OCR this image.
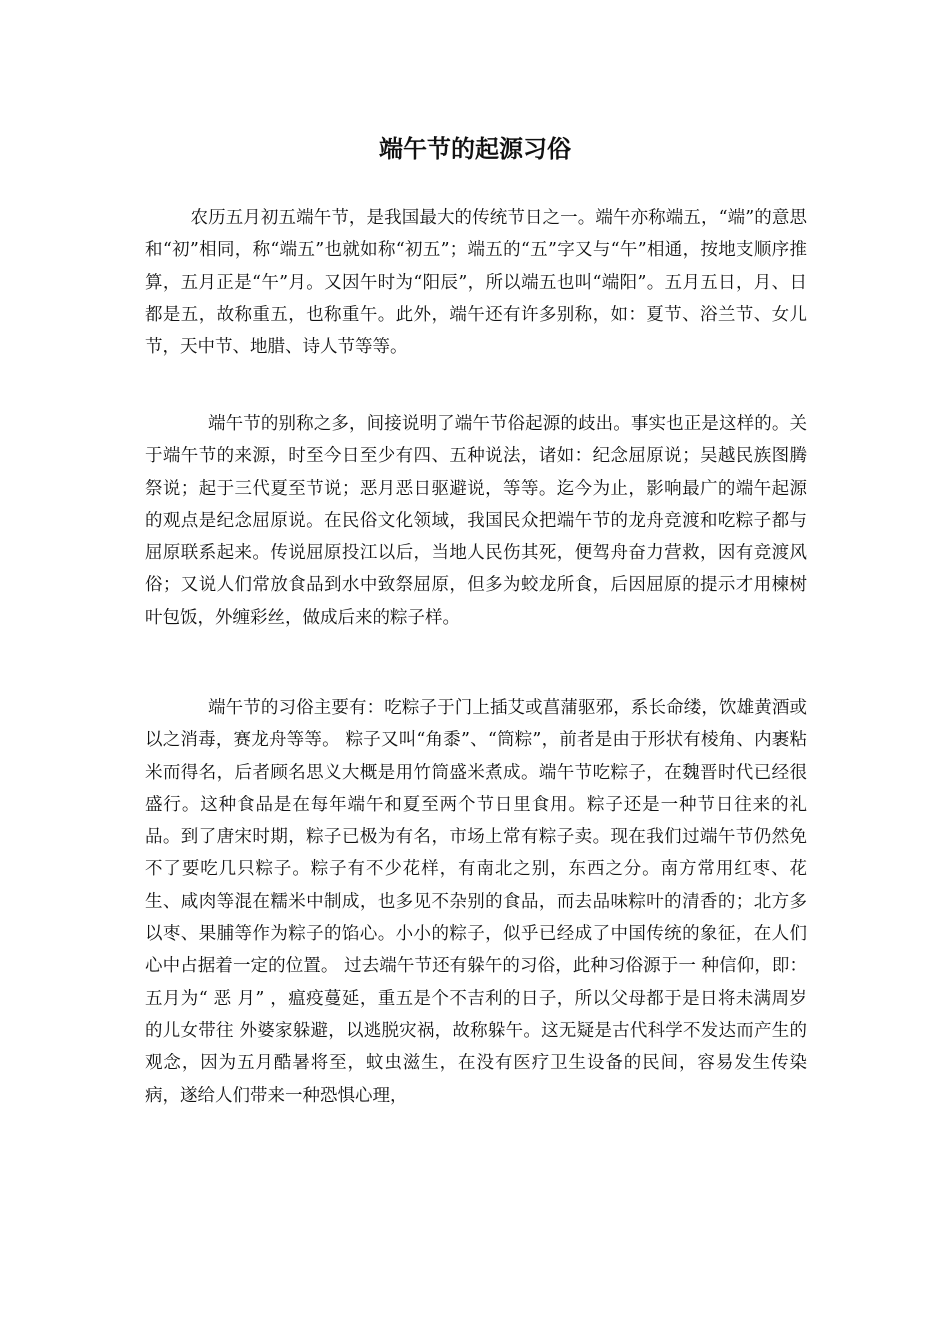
端午节的起源习俗

农历五月初五端午节，是我国最大的传统节日之一。端午亦称端五，“端”的意思和“初”相同，称“端五”也就如称“初五”；端五的“五”字又与“午”相通，按地支顺序推算，五月正是“午”月。又因午时为“阳辰”，所以端五也叫“端阳”。五月五日，月、日都是五，故称重五，也称重午。此外，端午还有许多别称，如：夏节、浴兰节、女儿节，天中节、地腊、诗人节等等。

端午节的别称之多，间接说明了端午节俗起源的歧出。事实也正是这样的。关于端午节的来源，时至今日至少有四、五种说法，诸如：纪念屈原说；吴越民族图腾祭说；起于三代夏至节说；恶月恶日驱避说，等等。迄今为止，影响最广的端午起源的观点是纪念屈原说。在民俗文化领域，我国民众把端午节的龙舟竞渡和吃粽子都与屈原联系起来。传说屈原投江以后，当地人民伤其死，便驾舟奋力营救，因有竞渡风俗；又说人们常放食品到水中致祭屈原，但多为蛟龙所食，后因屈原的提示才用楝树叶包饭，外缠彩丝，做成后来的粽子样。

端午节的习俗主要有：吃粽子于门上插艾或菖蒲驱邪，系长命缕，饮雄黄酒或以之消毒，赛龙舟等等。 粽子又叫“角黍”、“筒粽”，前者是由于形状有棱角、内裹粘米而得名，后者顾名思义大概是用竹筒盛米煮成。端午节吃粽子，在魏晋时代已经很盛行。这种食品是在每年端午和夏至两个节日里食用。粽子还是一种节日往来的礼品。到了唐宋时期，粽子已极为有名，市场上常有粽子卖。现在我们过端午节仍然免不了要吃几只粽子。粽子有不少花样，有南北之别，东西之分。南方常用红枣、花生、咸肉等混在糯米中制成，也多见不杂别的食品，而去品味粽叶的清香的；北方多以枣、果脯等作为粽子的馅心。小小的粽子，似乎已经成了中国传统的象征，在人们心中占据着一定的位置。 过去端午节还有躲午的习俗，此种习俗源于一 种信仰，即：五月为“ 恶 月” ，瘟疫蔓延，重五是个不吉利的日子，所以父母都于是日将未满周岁的儿女带往 外婆家躲避，以逃脱灾祸，故称躲午。这无疑是古代科学不发达而产生的观念，因为五月酷暑将至，蚊虫滋生，在没有医疗卫生设备的民间，容易发生传染病，遂给人们带来一种恐惧心理，
